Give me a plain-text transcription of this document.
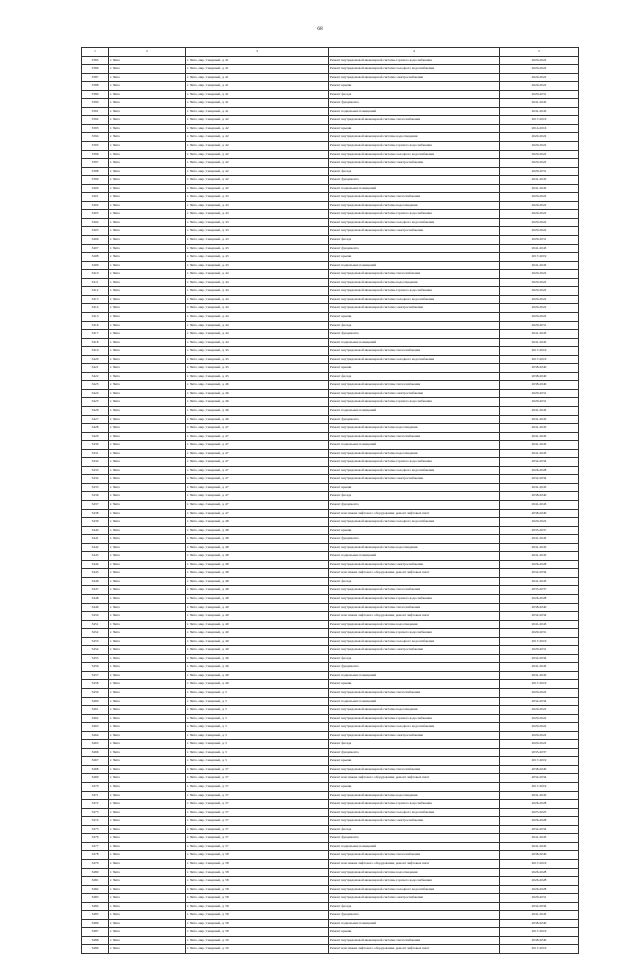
68
1	2	3	4	5
3385	г. Чита	г. Чита, мкр. Северный, д. 41	Ремонт внутридомовой инженерной системы горячего водоснабжения	2020-2022
3386	г. Чита	г. Чита, мкр. Северный, д. 41	Ремонт внутридомовой инженерной системы холодного водоснабжения	2020-2022
3387	г. Чита	г. Чита, мкр. Северный, д. 41	Ремонт внутридомовой инженерной системы электроснабжения	2020-2022
3388	г. Чита	г. Чита, мкр. Северный, д. 41	Ремонт крыши	2020-2022
3389	г. Чита	г. Чита, мкр. Северный, д. 41	Ремонт фасада	2029-2031
3390	г. Чита	г. Чита, мкр. Северный, д. 41	Ремонт фундамента	2041-2043
3391	г. Чита	г. Чита, мкр. Северный, д. 41	Ремонт подвальных помещений	2041-2043
3392	г. Чита	г. Чита, мкр. Северный, д. 42	Ремонт внутридомовой инженерной системы теплоснабжения	2017-2019
3393	г. Чита	г. Чита, мкр. Северный, д. 42	Ремонт крыши	2014-2016
3394	г. Чита	г. Чита, мкр. Северный, д. 42	Ремонт внутридомовой инженерной системы водоотведения	2020-2022
3395	г. Чита	г. Чита, мкр. Северный, д. 42	Ремонт внутридомовой инженерной системы горячего водоснабжения	2020-2022
3396	г. Чита	г. Чита, мкр. Северный, д. 42	Ремонт внутридомовой инженерной системы холодного водоснабжения	2020-2022
3397	г. Чита	г. Чита, мкр. Северный, д. 42	Ремонт внутридомовой инженерной системы электроснабжения	2020-2022
3398	г. Чита	г. Чита, мкр. Северный, д. 42	Ремонт фасада	2029-2031
3399	г. Чита	г. Чита, мкр. Северный, д. 42	Ремонт фундамента	2041-2043
3400	г. Чита	г. Чита, мкр. Северный, д. 42	Ремонт подвальных помещений	2041-2043
3401	г. Чита	г. Чита, мкр. Северный, д. 43	Ремонт внутридомовой инженерной системы теплоснабжения	2020-2022
3402	г. Чита	г. Чита, мкр. Северный, д. 43	Ремонт внутридомовой инженерной системы водоотведения	2020-2022
3403	г. Чита	г. Чита, мкр. Северный, д. 43	Ремонт внутридомовой инженерной системы горячего водоснабжения	2020-2022
3404	г. Чита	г. Чита, мкр. Северный, д. 43	Ремонт внутридомовой инженерной системы холодного водоснабжения	2020-2022
3405	г. Чита	г. Чита, мкр. Северный, д. 43	Ремонт внутридомовой инженерной системы электроснабжения	2020-2022
3406	г. Чита	г. Чита, мкр. Северный, д. 43	Ремонт фасада	2029-2031
3407	г. Чита	г. Чита, мкр. Северный, д. 43	Ремонт фундамента	2041-2043
3408	г. Чита	г. Чита, мкр. Северный, д. 43	Ремонт крыши	2017-2019
3409	г. Чита	г. Чита, мкр. Северный, д. 43	Ремонт подвальных помещений	2041-2043
3410	г. Чита	г. Чита, мкр. Северный, д. 44	Ремонт внутридомовой инженерной системы теплоснабжения	2020-2022
3411	г. Чита	г. Чита, мкр. Северный, д. 44	Ремонт внутридомовой инженерной системы водоотведения	2020-2022
3412	г. Чита	г. Чита, мкр. Северный, д. 44	Ремонт внутридомовой инженерной системы горячего водоснабжения	2020-2022
3413	г. Чита	г. Чита, мкр. Северный, д. 44	Ремонт внутридомовой инженерной системы холодного водоснабжения	2020-2022
3414	г. Чита	г. Чита, мкр. Северный, д. 44	Ремонт внутридомовой инженерной системы электроснабжения	2020-2022
3415	г. Чита	г. Чита, мкр. Северный, д. 44	Ремонт крыши	2020-2022
3416	г. Чита	г. Чита, мкр. Северный, д. 44	Ремонт фасада	2029-2031
3417	г. Чита	г. Чита, мкр. Северный, д. 44	Ремонт фундамента	2041-2043
3418	г. Чита	г. Чита, мкр. Северный, д. 44	Ремонт подвальных помещений	2041-2043
3419	г. Чита	г. Чита, мкр. Северный, д. 45	Ремонт внутридомовой инженерной системы теплоснабжения	2017-2019
3420	г. Чита	г. Чита, мкр. Северный, д. 45	Ремонт внутридомовой инженерной системы холодного водоснабжения	2017-2019
3421	г. Чита	г. Чита, мкр. Северный, д. 45	Ремонт крыши	2038-2040
3422	г. Чита	г. Чита, мкр. Северный, д. 45	Ремонт фасада	2038-2040
3423	г. Чита	г. Чита, мкр. Северный, д. 46	Ремонт внутридомовой инженерной системы теплоснабжения	2038-2040
3424	г. Чита	г. Чита, мкр. Северный, д. 46	Ремонт внутридомовой инженерной системы электроснабжения	2029-2031
3425	г. Чита	г. Чита, мкр. Северный, д. 46	Ремонт внутридомовой инженерной системы горячего водоснабжения	2029-2031
3426	г. Чита	г. Чита, мкр. Северный, д. 46	Ремонт подвальных помещений	2041-2043
3427	г. Чита	г. Чита, мкр. Северный, д. 46	Ремонт фундамента	2041-2043
3428	г. Чита	г. Чита, мкр. Северный, д. 47	Ремонт внутридомовой инженерной системы водоотведения	2041-2043
3429	г. Чита	г. Чита, мкр. Северный, д. 47	Ремонт внутридомовой инженерной системы теплоснабжения	2041-2043
3430	г. Чита	г. Чита, мкр. Северный, д. 47	Ремонт подвальных помещений	2041-2043
3431	г. Чита	г. Чита, мкр. Северный, д. 47	Ремонт внутридомовой инженерной системы водоотведения	2041-2043
3432	г. Чита	г. Чита, мкр. Северный, д. 47	Ремонт внутридомовой инженерной системы горячего водоснабжения	2032-2034
3433	г. Чита	г. Чита, мкр. Северный, д. 47	Ремонт внутридомовой инженерной системы холодного водоснабжения	2026-2028
3434	г. Чита	г. Чита, мкр. Северный, д. 47	Ремонт внутридомовой инженерной системы электроснабжения	2032-2034
3435	г. Чита	г. Чита, мкр. Северный, д. 47	Ремонт крыши	2041-2043
3436	г. Чита	г. Чита, мкр. Северный, д. 47	Ремонт фасада	2038-2040
3437	г. Чита	г. Чита, мкр. Северный, д. 47	Ремонт фундамента	2041-2043
3438	г. Чита	г. Чита, мкр. Северный, д. 47	Ремонт или замена лифтового оборудования, ремонт лифтовых шахт	2038-2040
3439	г. Чита	г. Чита, мкр. Северный, д. 48	Ремонт внутридомовой инженерной системы холодного водоснабжения	2020-2022
3440	г. Чита	г. Чита, мкр. Северный, д. 48	Ремонт крыши	2035-2037
3441	г. Чита	г. Чита, мкр. Северный, д. 48	Ремонт фундамента	2041-2043
3442	г. Чита	г. Чита, мкр. Северный, д. 48	Ремонт внутридомовой инженерной системы водоотведения	2041-2043
3443	г. Чита	г. Чита, мкр. Северный, д. 48	Ремонт подвальных помещений	2041-2043
3444	г. Чита	г. Чита, мкр. Северный, д. 48	Ремонт внутридомовой инженерной системы электроснабжения	2026-2028
3445	г. Чита	г. Чита, мкр. Северный, д. 48	Ремонт или замена лифтового оборудования, ремонт лифтовых шахт	2032-2034
3446	г. Чита	г. Чита, мкр. Северный, д. 48	Ремонт фасада	2041-2043
3447	г. Чита	г. Чита, мкр. Северный, д. 48	Ремонт внутридомовой инженерной системы теплоснабжения	2035-2037
3448	г. Чита	г. Чита, мкр. Северный, д. 48	Ремонт внутридомовой инженерной системы горячего водоснабжения	2026-2028
3449	г. Чита	г. Чита, мкр. Северный, д. 49	Ремонт внутридомовой инженерной системы теплоснабжения	2038-2040
3450	г. Чита	г. Чита, мкр. Северный, д. 49	Ремонт или замена лифтового оборудования, ремонт лифтовых шахт	2032-2034
3451	г. Чита	г. Чита, мкр. Северный, д. 49	Ремонт внутридомовой инженерной системы водоотведения	2041-2043
3452	г. Чита	г. Чита, мкр. Северный, д. 49	Ремонт внутридомовой инженерной системы горячего водоснабжения	2029-2031
3453	г. Чита	г. Чита, мкр. Северный, д. 49	Ремонт внутридомовой инженерной системы холодного водоснабжения	2017-2019
3454	г. Чита	г. Чита, мкр. Северный, д. 49	Ремонт внутридомовой инженерной системы электроснабжения	2029-2031
3455	г. Чита	г. Чита, мкр. Северный, д. 49	Ремонт фасада	2032-2034
3456	г. Чита	г. Чита, мкр. Северный, д. 49	Ремонт фундамента	2041-2043
3457	г. Чита	г. Чита, мкр. Северный, д. 49	Ремонт подвальных помещений	2041-2043
3458	г. Чита	г. Чита, мкр. Северный, д. 49	Ремонт крыши	2017-2019
3459	г. Чита	г. Чита, мкр. Северный, д. 5	Ремонт внутридомовой инженерной системы теплоснабжения	2020-2022
3460	г. Чита	г. Чита, мкр. Северный, д. 5	Ремонт подвальных помещений	2032-2034
3461	г. Чита	г. Чита, мкр. Северный, д. 5	Ремонт внутридомовой инженерной системы водоотведения	2020-2022
3462	г. Чита	г. Чита, мкр. Северный, д. 5	Ремонт внутридомовой инженерной системы горячего водоснабжения	2020-2022
3463	г. Чита	г. Чита, мкр. Северный, д. 5	Ремонт внутридомовой инженерной системы холодного водоснабжения	2020-2022
3464	г. Чита	г. Чита, мкр. Северный, д. 5	Ремонт внутридомовой инженерной системы электроснабжения	2020-2022
3465	г. Чита	г. Чита, мкр. Северный, д. 5	Ремонт фасада	2020-2022
3466	г. Чита	г. Чита, мкр. Северный, д. 5	Ремонт фундамента	2035-2037
3467	г. Чита	г. Чита, мкр. Северный, д. 5	Ремонт крыши	2017-2019
3468	г. Чита	г. Чита, мкр. Северный, д. 57	Ремонт внутридомовой инженерной системы теплоснабжения	2038-2040
3469	г. Чита	г. Чита, мкр. Северный, д. 57	Ремонт или замена лифтового оборудования, ремонт лифтовых шахт	2032-2034
3470	г. Чита	г. Чита, мкр. Северный, д. 57	Ремонт крыши	2017-2019
3471	г. Чита	г. Чита, мкр. Северный, д. 57	Ремонт внутридомовой инженерной системы водоотведения	2041-2043
3472	г. Чита	г. Чита, мкр. Северный, д. 57	Ремонт внутридомовой инженерной системы горячего водоснабжения	2026-2028
3473	г. Чита	г. Чита, мкр. Северный, д. 57	Ремонт внутридомовой инженерной системы холодного водоснабжения	2023-2025
3474	г. Чита	г. Чита, мкр. Северный, д. 57	Ремонт внутридомовой инженерной системы электроснабжения	2026-2028
3475	г. Чита	г. Чита, мкр. Северный, д. 57	Ремонт фасада	2032-2034
3476	г. Чита	г. Чита, мкр. Северный, д. 57	Ремонт фундамента	2041-2043
3477	г. Чита	г. Чита, мкр. Северный, д. 57	Ремонт подвальных помещений	2041-2043
3478	г. Чита	г. Чита, мкр. Северный, д. 58	Ремонт внутридомовой инженерной системы теплоснабжения	2038-2040
3479	г. Чита	г. Чита, мкр. Северный, д. 58	Ремонт или замена лифтового оборудования, ремонт лифтовых шахт	2017-2019
3480	г. Чита	г. Чита, мкр. Северный, д. 58	Ремонт внутридомовой инженерной системы водоотведения	2026-2028
3481	г. Чита	г. Чита, мкр. Северный, д. 58	Ремонт внутридомовой инженерной системы горячего водоснабжения	2026-2028
3482	г. Чита	г. Чита, мкр. Северный, д. 58	Ремонт внутридомовой инженерной системы холодного водоснабжения	2026-2028
3483	г. Чита	г. Чита, мкр. Северный, д. 58	Ремонт внутридомовой инженерной системы электроснабжения	2029-2031
3484	г. Чита	г. Чита, мкр. Северный, д. 58	Ремонт фасада	2032-2034
3485	г. Чита	г. Чита, мкр. Северный, д. 58	Ремонт фундамента	2041-2043
3486	г. Чита	г. Чита, мкр. Северный, д. 58	Ремонт подвальных помещений	2038-2040
3487	г. Чита	г. Чита, мкр. Северный, д. 58	Ремонт крыши	2017-2019
3488	г. Чита	г. Чита, мкр. Северный, д. 59	Ремонт внутридомовой инженерной системы теплоснабжения	2038-2040
3489	г. Чита	г. Чита, мкр. Северный, д. 59	Ремонт или замена лифтового оборудования, ремонт лифтовых шахт	2017-2019
